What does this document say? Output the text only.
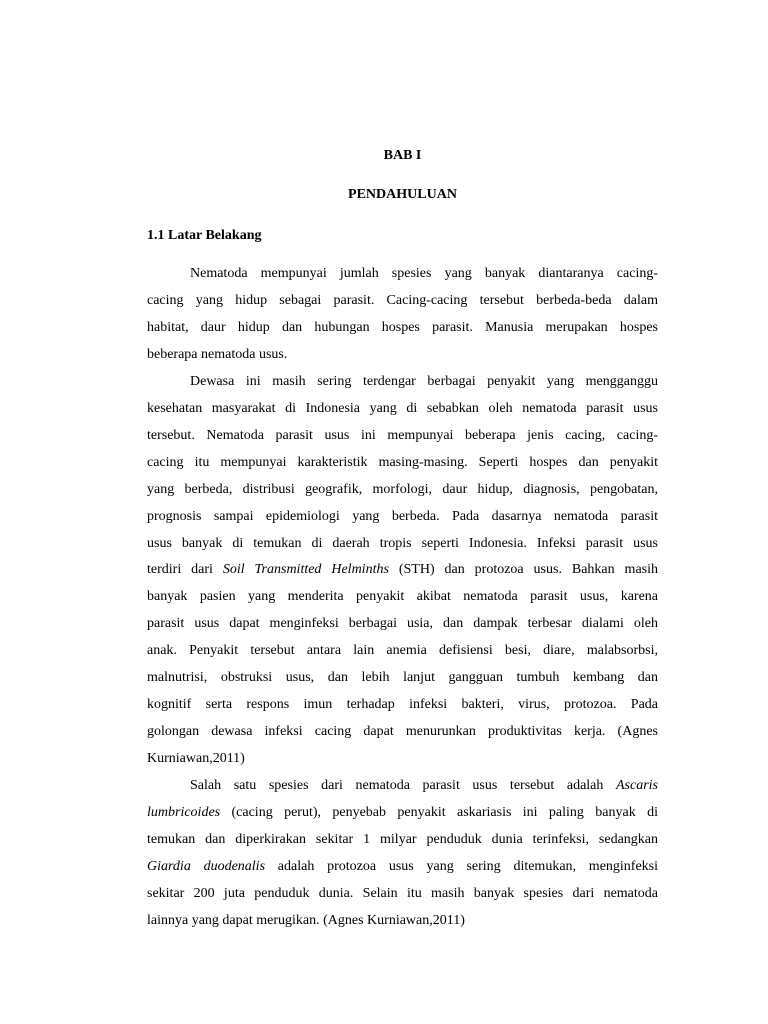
BAB I
PENDAHULUAN
1.1 Latar Belakang

Nematoda mempunyai jumlah spesies yang banyak diantaranya cacing-

cacing yang hidup sebagai parasit. Cacing-cacing tersebut berbeda-beda dalam

habitat, daur hidup dan hubungan hospes parasit. Manusia merupakan hospes

beberapa nematoda usus.

Dewasa ini masih sering terdengar berbagai penyakit yang mengganggu

kesehatan masyarakat di Indonesia yang di sebabkan oleh nematoda parasit usus

tersebut. Nematoda parasit usus ini mempunyai beberapa jenis cacing, cacing-

cacing itu mempunyai karakteristik masing-masing. Seperti hospes dan penyakit

yang berbeda, distribusi geografik, morfologi, daur hidup, diagnosis, pengobatan,

prognosis sampai epidemiologi yang berbeda. Pada dasarnya nematoda parasit

usus banyak di temukan di daerah tropis seperti Indonesia. Infeksi parasit usus

terdiri dari Soil Transmitted Helminths (STH) dan protozoa usus. Bahkan masih

banyak pasien yang menderita penyakit akibat nematoda parasit usus, karena

parasit usus dapat menginfeksi berbagai usia, dan dampak terbesar dialami oleh

anak. Penyakit tersebut antara lain anemia defisiensi besi, diare, malabsorbsi,

malnutrisi, obstruksi usus, dan lebih lanjut gangguan tumbuh kembang dan

kognitif serta respons imun terhadap infeksi bakteri, virus, protozoa. Pada

golongan dewasa infeksi cacing dapat menurunkan produktivitas kerja. (Agnes

Kurniawan,2011)

Salah satu spesies dari nematoda parasit usus tersebut adalah Ascaris

lumbricoides (cacing perut), penyebab penyakit askariasis ini paling banyak di

temukan dan diperkirakan sekitar 1 milyar penduduk dunia terinfeksi, sedangkan

Giardia duodenalis adalah protozoa usus yang sering ditemukan, menginfeksi

sekitar 200 juta penduduk dunia. Selain itu masih banyak spesies dari nematoda

lainnya yang dapat merugikan. (Agnes Kurniawan,2011)
